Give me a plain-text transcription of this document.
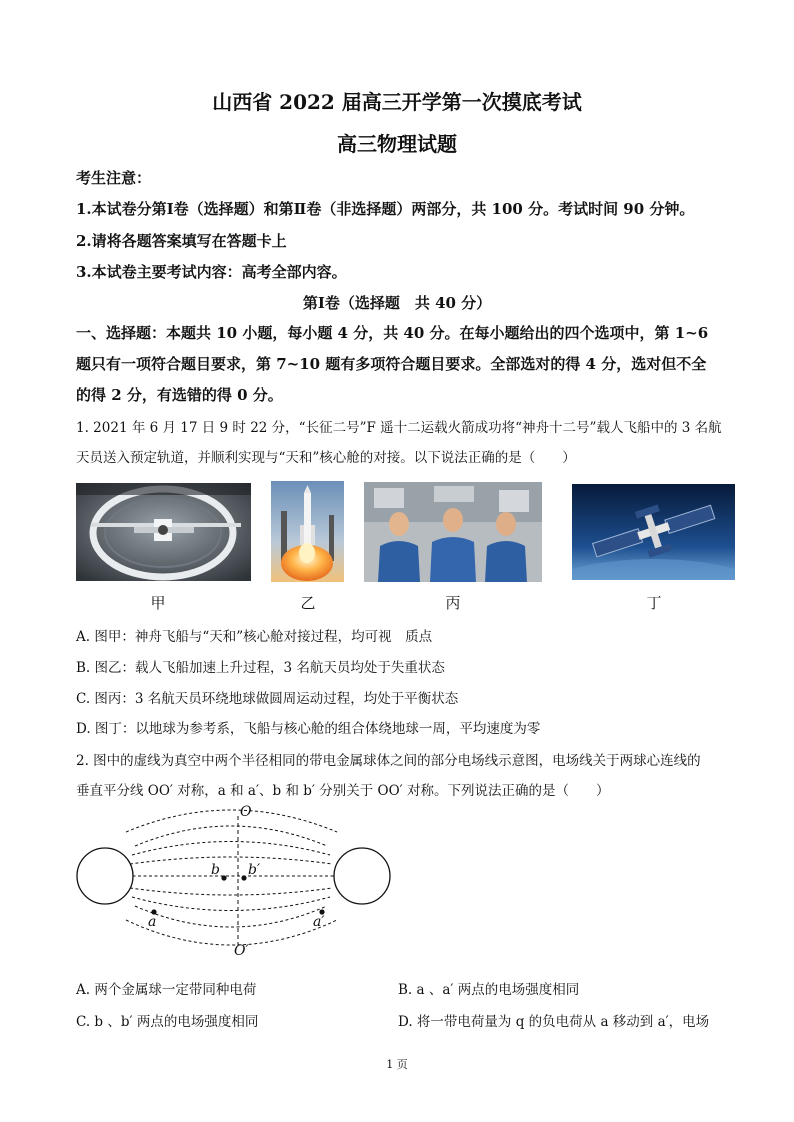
山西省 2022 届高三开学第一次摸底考试
高三物理试题
考生注意：
1.本试卷分第Ⅰ卷（选择题）和第Ⅱ卷（非选择题）两部分，共 100 分。考试时间 90 分钟。
2.请将各题答案填写在答题卡上
3.本试卷主要考试内容：高考全部内容。
第Ⅰ卷（选择题　共 40 分）
一、选择题：本题共 10 小题，每小题 4 分，共 40 分。在每小题给出的四个选项中，第 1~6
题只有一项符合题目要求，第 7~10 题有多项符合题目要求。全部选对的得 4 分，选对但不全
的得 2 分，有选错的得 0 分。
1. 2021 年 6 月 17 日 9 时 22 分，“长征二号”F 遥十二运载火箭成功将“神舟十二号”载人飞船中的 3 名航
天员送入预定轨道，并顺利实现与“天和”核心舱的对接。以下说法正确的是（　　）
甲	乙	丙	丁
A. 图甲：神舟飞船与“天和”核心舱对接过程，均可视　质点
B. 图乙：载人飞船加速上升过程，3 名航天员均处于失重状态
C. 图丙：3 名航天员环绕地球做圆周运动过程，均处于平衡状态
D. 图丁：以地球为参考系，飞船与核心舱的组合体绕地球一周，平均速度为零
2. 图中的虚线为真空中两个半径相同的带电金属球体之间的部分电场线示意图，电场线关于两球心连线的
垂直平分线 OO′ 对称，a 和 a′、b 和 b′ 分别关于 OO′ 对称。下列说法正确的是（　　）
O
O′
b b′
a	a′
A. 两个金属球一定带同种电荷	B. a 、a′ 两点的电场强度相同
C. b 、b′ 两点的电场强度相同	D. 将一带电荷量为 q 的负电荷从 a 移动到 a′，电场
1 页
